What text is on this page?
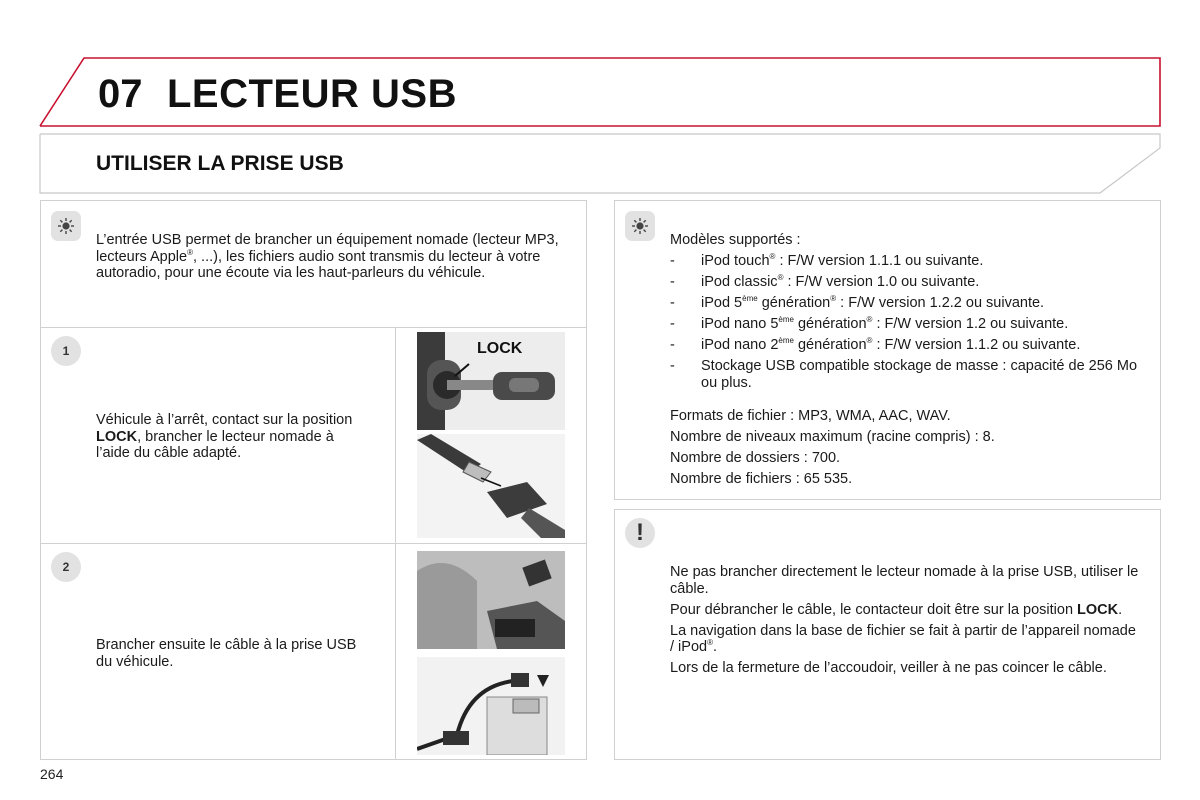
07 LECTEUR USB
UTILISER LA PRISE USB
L’entrée USB permet de brancher un équipement nomade (lecteur MP3, lecteurs Apple®, ...), les fichiers audio sont transmis du lecteur à votre autoradio, pour une écoute via les haut-parleurs du véhicule.
1
Véhicule à l’arrêt, contact sur la position LOCK, brancher le lecteur nomade à l’aide du câble adapté.
LOCK
2
Brancher ensuite le câble à la prise USB du véhicule.

Modèles supportés :

- iPod touch® : F/W version 1.1.1 ou suivante.
- iPod classic® : F/W version 1.0 ou suivante.
- iPod 5ème génération® : F/W version 1.2.2 ou suivante.
- iPod nano 5ème génération® : F/W version 1.2 ou suivante.
- iPod nano 2ème génération® : F/W version 1.1.2 ou suivante.
- Stockage USB compatible stockage de masse : capacité de 256 Mo ou plus.

Formats de fichier : MP3, WMA, AAC, WAV.

Nombre de niveaux maximum (racine compris) : 8.

Nombre de dossiers : 700.

Nombre de fichiers : 65 535.

!

Ne pas brancher directement le lecteur nomade à la prise USB, utiliser le câble.

Pour débrancher le câble, le contacteur doit être sur la position LOCK.

La navigation dans la base de fichier se fait à partir de l’appareil nomade / iPod®.

Lors de la fermeture de l’accoudoir, veiller à ne pas coincer le câble.

264
